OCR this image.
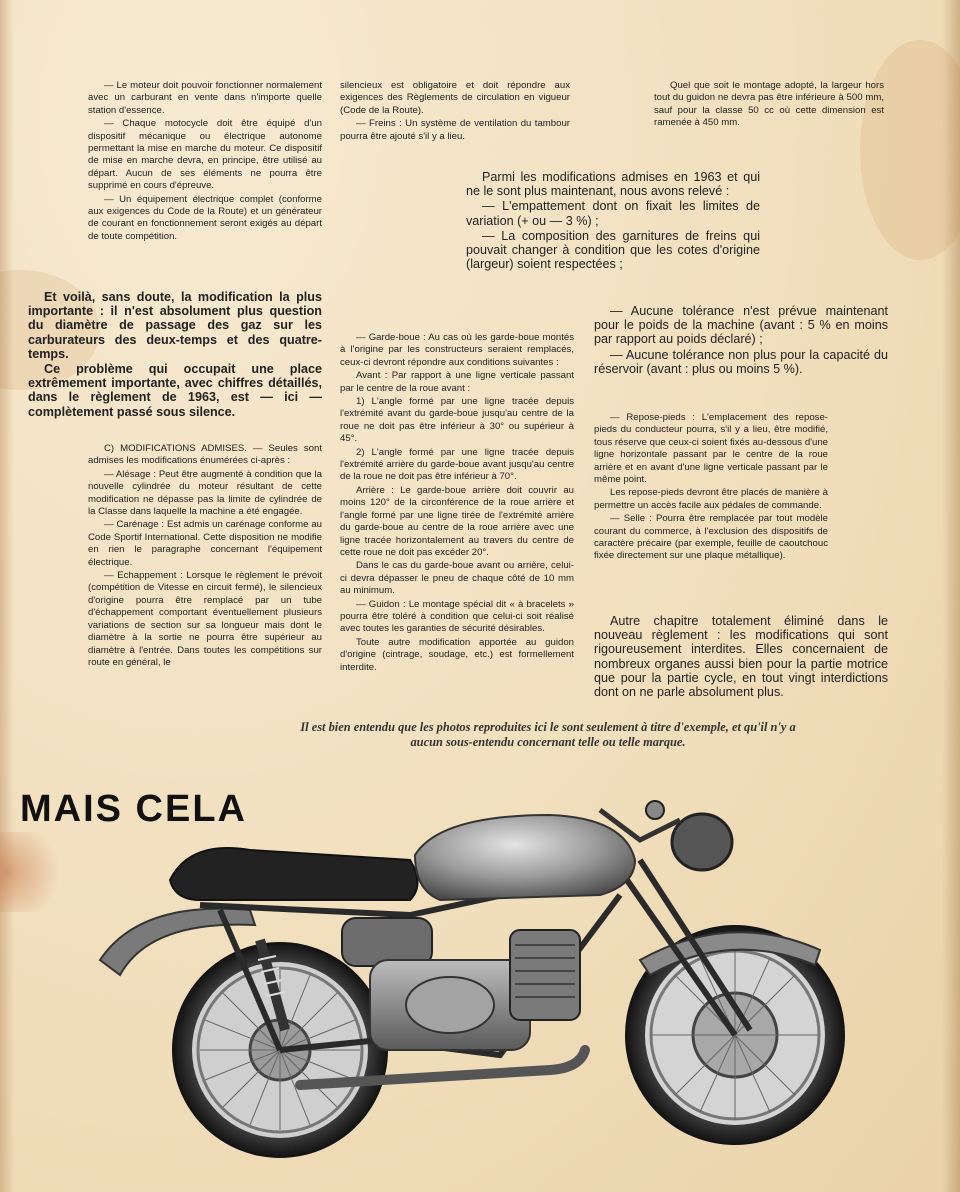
— Le moteur doit pouvoir fonctionner normalement avec un carburant en vente dans n'importe quelle station d'essence.

— Chaque motocycle doit être équipé d'un dispositif mécanique ou électrique autonome permettant la mise en marche du moteur. Ce dispositif de mise en marche devra, en principe, être utilisé au départ. Aucun de ses éléments ne pourra être supprimé en cours d'épreuve.

— Un équipement électrique complet (conforme aux exigences du Code de la Route) et un générateur de courant en fonctionnement seront exigés au départ de toute compétition.

silencieux est obligatoire et doit répondre aux exigences des Règlements de circulation en vigueur (Code de la Route).

— Freins : Un système de ventilation du tambour pourra être ajouté s'il y a lieu.

Quel que soit le montage adopté, la largeur hors tout du guidon ne devra pas être inférieure à 500 mm, sauf pour la classe 50 cc où cette dimension est ramenée à 450 mm.

Parmi les modifications admises en 1963 et qui ne le sont plus maintenant, nous avons relevé :

— L'empattement dont on fixait les limites de variation (+ ou — 3 %) ;

— La composition des garnitures de freins qui pouvait changer à condition que les cotes d'origine (largeur) soient respectées ;

Et voilà, sans doute, la modification la plus importante : il n'est absolument plus question du diamètre de passage des gaz sur les carburateurs des deux-temps et des quatre-temps.

Ce problème qui occupait une place extrêmement importante, avec chiffres détaillés, dans le règlement de 1963, est — ici — complètement passé sous silence.

— Aucune tolérance n'est prévue maintenant pour le poids de la machine (avant : 5 % en moins par rapport au poids déclaré) ;

— Aucune tolérance non plus pour la capacité du réservoir (avant : plus ou moins 5 %).

C) MODIFICATIONS ADMISES. — Seules sont admises les modifications énumérées ci-après :

— Alésage : Peut être augmenté à condition que la nouvelle cylindrée du moteur résultant de cette modification ne dépasse pas la limite de cylindrée de la Classe dans laquelle la machine a été engagée.

— Carénage : Est admis un carénage conforme au Code Sportif International. Cette disposition ne modifie en rien le paragraphe concernant l'équipement électrique.

— Echappement : Lorsque le règlement le prévoit (compétition de Vitesse en circuit fermé), le silencieux d'origine pourra être remplacé par un tube d'échappement comportant éventuellement plusieurs variations de section sur sa longueur mais dont le diamètre à la sortie ne pourra être supérieur au diamètre à l'entrée. Dans toutes les compétitions sur route en général, le

— Garde-boue : Au cas où les garde-boue montés à l'origine par les constructeurs seraient remplacés, ceux-ci devront répondre aux conditions suivantes :

Avant : Par rapport à une ligne verticale passant par le centre de la roue avant :

1) L'angle formé par une ligne tracée depuis l'extrémité avant du garde-boue jusqu'au centre de la roue ne doit pas être inférieur à 30° ou supérieur à 45°.

2) L'angle formé par une ligne tracée depuis l'extrémité arrière du garde-boue avant jusqu'au centre de la roue ne doit pas être inférieur à 70°.

Arrière : Le garde-boue arrière doit couvrir au moins 120° de la circonférence de la roue arrière et l'angle formé par une ligne tirée de l'extrémité arrière du garde-boue au centre de la roue arrière avec une ligne tracée horizontalement au travers du centre de cette roue ne doit pas excéder 20°.

Dans le cas du garde-boue avant ou arrière, celui-ci devra dépasser le pneu de chaque côté de 10 mm au minimum.

— Guidon : Le montage spécial dit « à bracelets » pourra être toléré à condition que celui-ci soit réalisé avec toutes les garanties de sécurité désirables.

Toute autre modification apportée au guidon d'origine (cintrage, soudage, etc.) est formellement interdite.

— Repose-pieds : L'emplacement des repose-pieds du conducteur pourra, s'il y a lieu, être modifié, tous réserve que ceux-ci soient fixés au-dessous d'une ligne horizontale passant par le centre de la roue arrière et en avant d'une ligne verticale passant par le même point.

Les repose-pieds devront être placés de manière à permettre un accès facile aux pédales de commande.

— Selle : Pourra être remplacée par tout modèle courant du commerce, à l'exclusion des dispositifs de caractère précaire (par exemple, feuille de caoutchouc fixée directement sur une plaque métallique).

Autre chapitre totalement éliminé dans le nouveau règlement : les modifications qui sont rigoureusement interdites. Elles concernaient de nombreux organes aussi bien pour la partie motrice que pour la partie cycle, en tout vingt interdictions dont on ne parle absolument plus.

Il est bien entendu que les photos reproduites ici le sont seulement à titre d'exemple, et qu'il n'y a aucun sous-entendu concernant telle ou telle marque.
MAIS CELA
